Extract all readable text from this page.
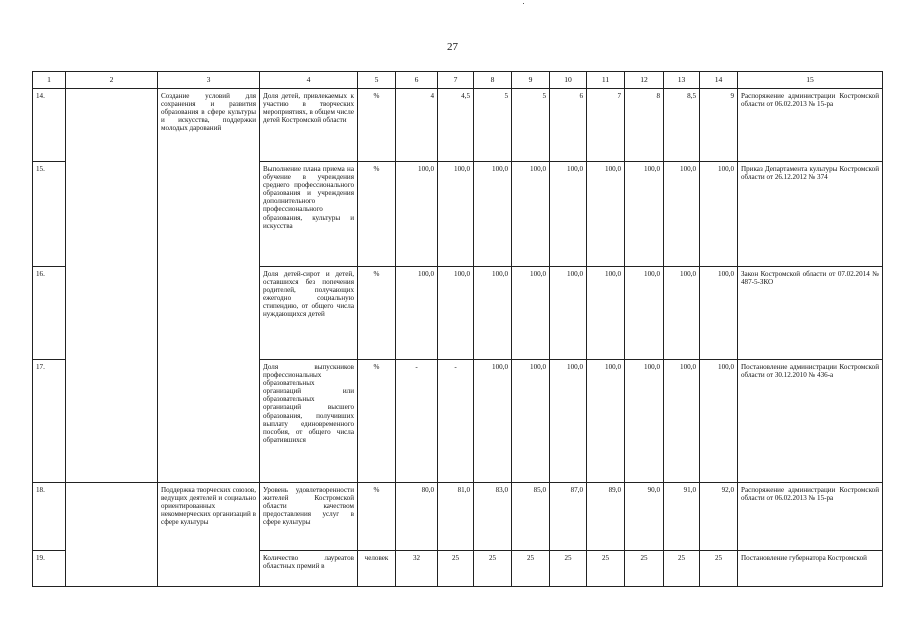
27
1	2	3	4	5	6	7	8	9	10	11	12	13	14	15
14.		Создание условий для сохранения и развития образования в сфере культуры и искусства, поддержки молодых дарований	Доля детей, привлекаемых к участию в творческих мероприятиях, в общем числе детей Костромской области	%	4	4,5	5	5	6	7	8	8,5	9	Распоряжение администрации Костромской области от 06.02.2013 № 15-ра
15.			Выполнение плана приема на обучение в учреждения среднего профессионального образования и учреждения дополнительного профессионального образования, культуры и искусства	%	100,0	100,0	100,0	100,0	100,0	100,0	100,0	100,0	100,0	Приказ Департамента культуры Костромской области от 26.12.2012 № 374
16.			Доля детей-сирот и детей, оставшихся без попечения родителей, получающих ежегодно социальную стипендию, от общего числа нуждающихся детей	%	100,0	100,0	100,0	100,0	100,0	100,0	100,0	100,0	100,0	Закон Костромской области от 07.02.2014 № 487-5-ЗКО
17.			Доля выпускников профессиональных образовательных организаций или образовательных организаций высшего образования, получивших выплату единовременного пособия, от общего числа обратившихся	%	-	-	100,0	100,0	100,0	100,0	100,0	100,0	100,0	Постановление администрации Костромской области от 30.12.2010 № 436-а
18.		Поддержка творческих союзов, ведущих деятелей и социально ориентированных некоммерческих организаций в сфере культуры	Уровень удовлетворенности жителей Костромской области качеством предоставления услуг в сфере культуры	%	80,0	81,0	83,0	85,0	87,0	89,0	90,0	91,0	92,0	Распоряжение администрации Костромской области от 06.02.2013 № 15-ра
19.			Количество лауреатов областных премий в	человек	32	25	25	25	25	25	25	25	25	Постановление губернатора Костромской
